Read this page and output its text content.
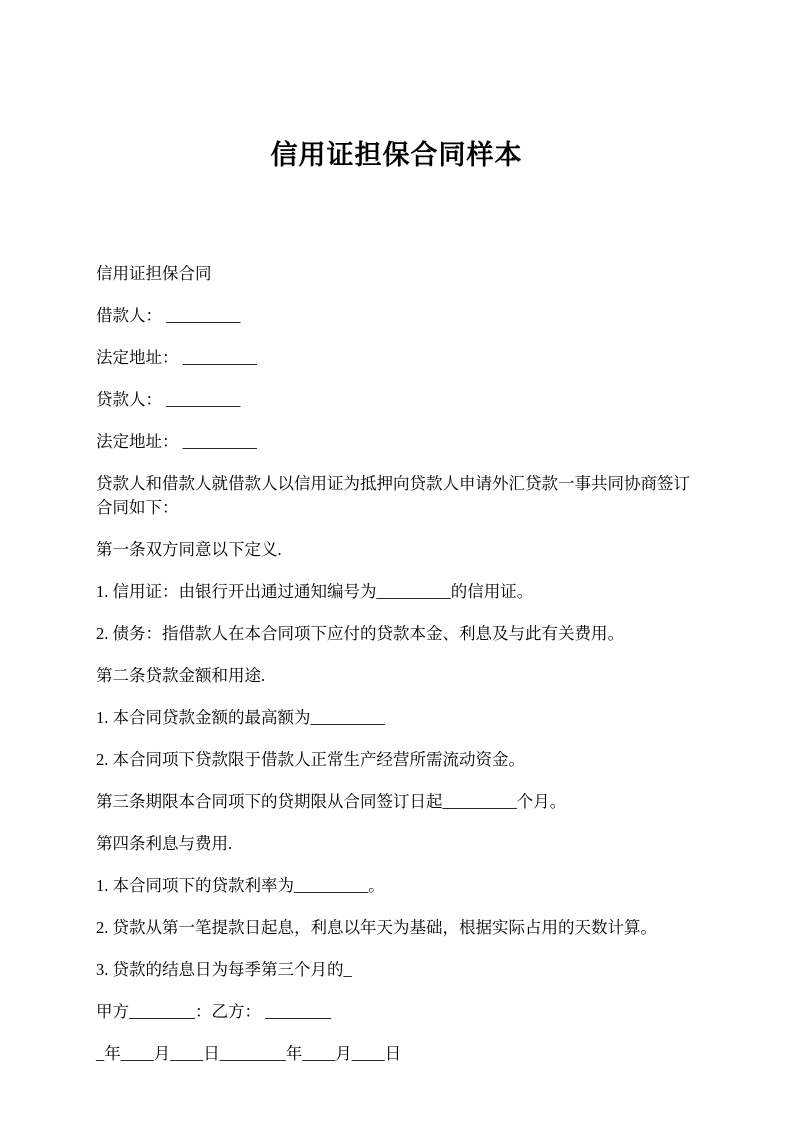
信用证担保合同样本

信用证担保合同

借款人： _________

法定地址： _________

贷款人： _________

法定地址： _________

贷款人和借款人就借款人以信用证为抵押向贷款人申请外汇贷款一事共同协商签订合同如下：

第一条双方同意以下定义.

1. 信用证：由银行开出通过通知编号为_________的信用证。

2. 债务：指借款人在本合同项下应付的贷款本金、利息及与此有关费用。

第二条贷款金额和用途.

1. 本合同贷款金额的最高额为_________

2. 本合同项下贷款限于借款人正常生产经营所需流动资金。

第三条期限本合同项下的贷期限从合同签订日起_________个月。

第四条利息与费用.

1. 本合同项下的贷款利率为_________。

2. 贷款从第一笔提款日起息，利息以年天为基础，根据实际占用的天数计算。

3. 贷款的结息日为每季第三个月的_

甲方________：乙方： ________

_年____月____日________年____月____日
